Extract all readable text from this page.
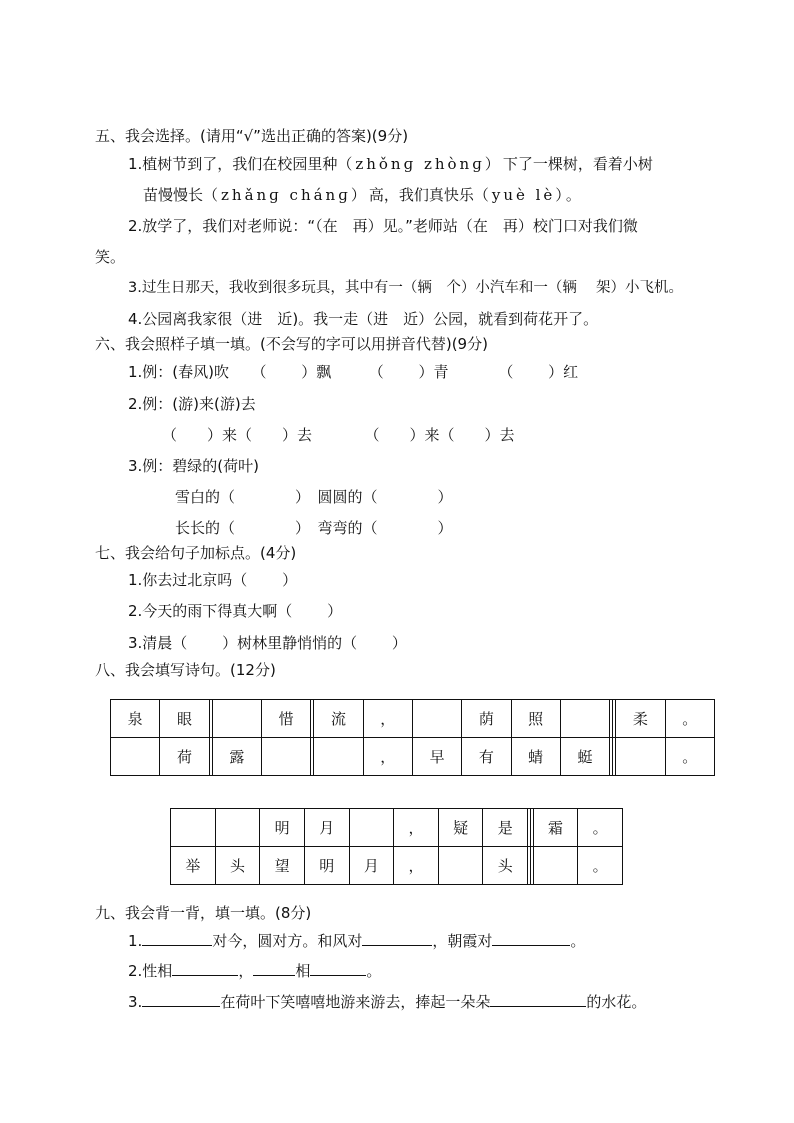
五、我会选择。(请用“√”选出正确的答案)(9分)
1.植树节到了，我们在校园里种（zhǒnɡ zhònɡ）下了一棵树，看着小树
苗慢慢长（zhǎnɡ chánɡ）高，我们真快乐（yuè lè）。
2.放学了，我们对老师说：“（在　再）见。”老师站（在　再）校门口对我们微
笑。
3.过生日那天，我收到很多玩具，其中有一（辆　个）小汽车和一（辆　 架）小飞机。
4.公园离我家很（进　近)。我一走（进　近）公园，就看到荷花开了。
六、我会照样子填一填。(不会写的字可以用拼音代替)(9分)
1.例：(春风)吹　　（　　 ）飘　　　（　　 ）青　　　 （　　 ）红
2.例：(游)来(游)去
（　　）来（　　）去　　　　（　　）来（　　）去
3.例：碧绿的(荷叶)
雪白的（　　　　）　圆圆的（　　　　）
长长的（　　　　）　弯弯的（　　　　）
七、我会给句子加标点。(4分)
1.你去过北京吗（　　 ）
2.今天的雨下得真大啊（　　 ）
3.清晨（　　 ）树林里静悄悄的（　　 ）
八、我会填写诗句。(12分)
泉	眼			惜		流	，		荫	照				柔	。
	荷		露				，	早	有	蜻	蜓				。
		明	月		，	疑	是			霜	。
举	头	望	明	月	，		头				。
九、我会背一背，填一填。(8分)
1.	对今，圆对方。和风对	，朝霞对	。
2.性相	，	相	。
3.	在荷叶下笑嘻嘻地游来游去，捧起一朵朵	的水花。
